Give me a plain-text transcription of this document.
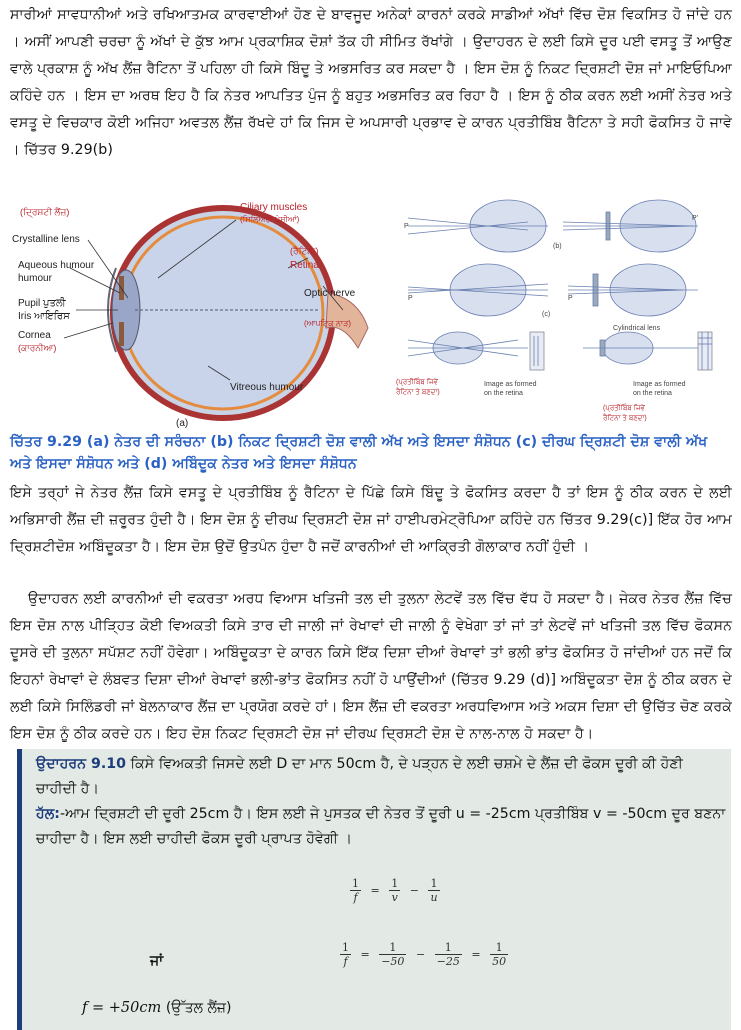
ਸਾਰੀਆਂ ਸਾਵਧਾਨੀਆਂ ਅਤੇ ਰਖਿਆਤਮਕ ਕਾਰਵਾਈਆਂ ਹੋਣ ਦੇ ਬਾਵਜੂਦ ਅਨੇਕਾਂ ਕਾਰਨਾਂ ਕਰਕੇ ਸਾਡੀਆਂ ਅੱਖਾਂ ਵਿੱਚ ਦੋਸ਼ ਵਿਕਸਿਤ ਹੋ ਜਾਂਦੇ ਹਨ । ਅਸੀਂ ਆਪਣੀ ਚਰਚਾ ਨੂੰ ਅੱਖਾਂ ਦੇ ਕੁੱਝ ਆਮ ਪ੍ਰਕਾਸ਼ਿਕ ਦੋਸ਼ਾਂ ਤੱਕ ਹੀ ਸੀਮਿਤ ਰੱਖਾਂਗੇ । ਉਦਾਹਰਨ ਦੇ ਲਈ ਕਿਸੇ ਦੂਰ ਪਈ ਵਸਤੂ ਤੋਂ ਆਉਣ ਵਾਲੇ ਪ੍ਰਕਾਸ਼ ਨੂੰ ਅੱਖ ਲੈਂਜ਼ ਰੈਟਿਨਾ ਤੋਂ ਪਹਿਲਾ ਹੀ ਕਿਸੇ ਬਿੰਦੂ ਤੇ ਅਭਸਰਿਤ ਕਰ ਸਕਦਾ ਹੈ । ਇਸ ਦੋਸ਼ ਨੂੰ ਨਿਕਟ ਦ੍ਰਿਸ਼ਟੀ ਦੋਸ਼ ਜਾਂ ਮਾਇਓਪਿਆ ਕਹਿੰਦੇ ਹਨ । ਇਸ ਦਾ ਅਰਥ ਇਹ ਹੈ ਕਿ ਨੇਤਰ ਆਪਤਿਤ ਪੁੰਜ ਨੂੰ ਬਹੁਤ ਅਭਸਰਿਤ ਕਰ ਰਿਹਾ ਹੈ । ਇਸ ਨੂੰ ਠੀਕ ਕਰਨ ਲਈ ਅਸੀਂ ਨੇਤਰ ਅਤੇ ਵਸਤੂ ਦੇ ਵਿਚਕਾਰ ਕੋਈ ਅਜਿਹਾ ਅਵਤਲ ਲੈਂਜ਼ ਰੱਖਦੇ ਹਾਂ ਕਿ ਜਿਸ ਦੇ ਅਪਸਾਰੀ ਪ੍ਰਭਾਵ ਦੇ ਕਾਰਨ ਪ੍ਰਤੀਬਿੰਬ ਰੈਟਿਨਾ ਤੇ ਸਹੀ ਫੋਕਸਿਤ ਹੋ ਜਾਵੇ । ਚਿੱਤਰ 9.29(b)

(ਦ੍ਰਿਸ਼ਟੀ ਲੈਂਜ਼)
Crystalline lens
Aqueous humour
humour
Pupil ਪੁਤਲੀ
Iris ਆਇਰਿਸ
Cornea
(ਕਾਰਨੀਆ)
Ciliary muscles
(ਸਿਲਿਅਰੀ ਪੇਸ਼ੀਆਂ)
(ਰੈਟਿਨਾ)
Retina
Optic nerve
(ਆਪਟਿਕ ਨਾੜ)
Vitreous humour
(a)
P
P'
(b)
P	P
(c)
Cylindrical lens
(ਪ੍ਰਤੀਬਿੰਬ ਜਿਵੇਂ
ਰੈਟਿਨਾ ਤੇ ਬਣਦਾ)
Image as formed
on the retina
Image as formed
on the retina
(ਪ੍ਰਤੀਬਿੰਬ ਜਿਵੇਂ
ਰੈਟਿਨਾ ਤੇ ਬਣਦਾ)

ਚਿੱਤਰ 9.29 (a) ਨੇਤਰ ਦੀ ਸਰੰਚਨਾ (b) ਨਿਕਟ ਦ੍ਰਿਸ਼ਟੀ ਦੋਸ਼ ਵਾਲੀ ਅੱਖ ਅਤੇ ਇਸਦਾ ਸੰਸ਼ੋਧਨ (c) ਦੀਰਘ ਦ੍ਰਿਸ਼ਟੀ ਦੋਸ਼ ਵਾਲੀ ਅੱਖ ਅਤੇ ਇਸਦਾ ਸੰਸ਼ੋਧਨ ਅਤੇ (d) ਅਬਿੰਦੂਕ ਨੇਤਰ ਅਤੇ ਇਸਦਾ ਸੰਸ਼ੋਧਨ

ਇਸੇ ਤਰ੍ਹਾਂ ਜੇ ਨੇਤਰ ਲੈਂਜ਼ ਕਿਸੇ ਵਸਤੂ ਦੇ ਪ੍ਰਤੀਬਿੰਬ ਨੂੰ ਰੈਟਿਨਾ ਦੇ ਪਿੱਛੇ ਕਿਸੇ ਬਿੰਦੂ ਤੇ ਫੋਕਸਿਤ ਕਰਦਾ ਹੈ ਤਾਂ ਇਸ ਨੂੰ ਠੀਕ ਕਰਨ ਦੇ ਲਈ ਅਭਿਸਾਰੀ ਲੈਂਜ਼ ਦੀ ਜ਼ਰੂਰਤ ਹੁੰਦੀ ਹੈ। ਇਸ ਦੋਸ਼ ਨੂੰ ਦੀਰਘ ਦ੍ਰਿਸ਼ਟੀ ਦੋਸ਼ ਜਾਂ ਹਾਈਪਰਮੇਟ੍ਰੋਪਿਆ ਕਹਿੰਦੇ ਹਨ ਚਿੱਤਰ 9.29(c)] ਇੱਕ ਹੋਰ ਆਮ ਦ੍ਰਿਸ਼ਟੀਦੋਸ਼ ਅਬਿੰਦੂਕਤਾ ਹੈ। ਇਸ ਦੋਸ਼ ਉਦੋਂ ਉਤਪੰਨ ਹੁੰਦਾ ਹੈ ਜਦੋਂ ਕਾਰਨੀਆਂ ਦੀ ਆਕ੍ਰਿਤੀ ਗੋਲਾਕਾਰ ਨਹੀਂ ਹੁੰਦੀ ।

ਉਦਾਹਰਨ ਲਈ ਕਾਰਨੀਆਂ ਦੀ ਵਕਰਤਾ ਅਰਧ ਵਿਆਸ ਖਤਿਜੀ ਤਲ ਦੀ ਤੁਲਨਾ ਲੇਟਵੇਂ ਤਲ ਵਿੱਚ ਵੱਧ ਹੋ ਸਕਦਾ ਹੈ। ਜੇਕਰ ਨੇਤਰ ਲੈਂਜ਼ ਵਿੱਚ ਇਸ ਦੋਸ਼ ਨਾਲ ਪੀੜ੍ਹਿਤ ਕੋਈ ਵਿਅਕਤੀ ਕਿਸੇ ਤਾਰ ਦੀ ਜਾਲੀ ਜਾਂ ਰੇਖਾਵਾਂ ਦੀ ਜਾਲੀ ਨੂੰ ਵੇਖੇਗਾ ਤਾਂ ਜਾਂ ਤਾਂ ਲੇਟਵੇਂ ਜਾਂ ਖਤਿਜੀ ਤਲ ਵਿੱਚ ਫੋਕਸਨ ਦੂਸਰੇ ਦੀ ਤੁਲਨਾ ਸਪੱਸ਼ਟ ਨਹੀਂ ਹੋਵੇਗਾ। ਅਬਿੰਦੂਕਤਾ ਦੇ ਕਾਰਨ ਕਿਸੇ ਇੱਕ ਦਿਸ਼ਾ ਦੀਆਂ ਰੇਖਾਵਾਂ ਤਾਂ ਭਲੀ ਭਾਂਤ ਫੋਕਸਿਤ ਹੋ ਜਾਂਦੀਆਂ ਹਨ ਜਦੋਂ ਕਿ ਇਹਨਾਂ ਰੇਖਾਵਾਂ ਦੇ ਲੰਬਵਤ ਦਿਸ਼ਾ ਦੀਆਂ ਰੇਖਾਵਾਂ ਭਲੀ-ਭਾਂਤ ਫੋਕਸਿਤ ਨਹੀਂ ਹੋ ਪਾਉਂਦੀਆਂ (ਚਿੱਤਰ 9.29 (d)] ਅਬਿੰਦੂਕਤਾ ਦੋਸ਼ ਨੂੰ ਠੀਕ ਕਰਨ ਦੇ ਲਈ ਕਿਸੇ ਸਿਲਿੰਡਰੀ ਜਾਂ ਬੇਲਨਾਕਾਰ ਲੈਂਜ਼ ਦਾ ਪ੍ਰਯੋਗ ਕਰਦੇ ਹਾਂ। ਇਸ ਲੈਂਜ਼ ਦੀ ਵਕਰਤਾ ਅਰਧਵਿਆਸ ਅਤੇ ਅਕਸ ਦਿਸ਼ਾ ਦੀ ਉਚਿੱਤ ਚੋਣ ਕਰਕੇ ਇਸ ਦੋਸ਼ ਨੂੰ ਠੀਕ ਕਰਦੇ ਹਨ। ਇਹ ਦੋਸ਼ ਨਿਕਟ ਦ੍ਰਿਸ਼ਟੀ ਦੋਸ਼ ਜਾਂ ਦੀਰਘ ਦ੍ਰਿਸ਼ਟੀ ਦੋਸ਼ ਦੇ ਨਾਲ-ਨਾਲ ਹੋ ਸਕਦਾ ਹੈ।

ਉਦਾਹਰਨ 9.10 ਕਿਸੇ ਵਿਅਕਤੀ ਜਿਸਦੇ ਲਈ D ਦਾ ਮਾਨ 50cm ਹੈ, ਦੇ ਪੜ੍ਹਨ ਦੇ ਲਈ ਚਸ਼ਮੇ ਦੇ ਲੈਂਜ਼ ਦੀ ਫੋਕਸ ਦੂਰੀ ਕੀ ਹੋਣੀ ਚਾਹੀਦੀ ਹੈ।

ਹੱਲ:-ਆਮ ਦ੍ਰਿਸ਼ਟੀ ਦੀ ਦੂਰੀ 25cm ਹੈ। ਇਸ ਲਈ ਜੇ ਪੁਸਤਕ ਦੀ ਨੇਤਰ ਤੋਂ ਦੂਰੀ u = -25cm ਪ੍ਰਤੀਬਿੰਬ v = -50cm ਦੂਰ ਬਣਨਾ ਚਾਹੀਦਾ ਹੈ। ਇਸ ਲਈ ਚਾਹੀਦੀ ਫੋਕਸ ਦੂਰੀ ਪ੍ਰਾਪਤ ਹੋਵੇਗੀ ।

$\frac{1}{f} = \frac{1}{v} - \frac{1}{u}$
ਜਾਂ	$\frac{1}{f} = \frac{1}{-50} - \frac{1}{-25} = \frac{1}{50}$
f = +50cm (ਉੱਤਲ ਲੈਂਜ਼)
